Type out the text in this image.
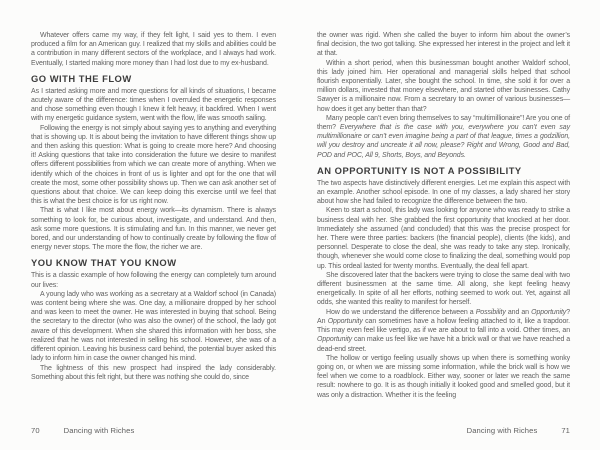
Whatever offers came my way, if they felt light, I said yes to them. I even produced a film for an American guy. I realized that my skills and abilities could be a contribution in many different sectors of the workplace, and I always had work. Eventually, I started making more money than I had lost due to my ex-husband.

GO WITH THE FLOW

As I started asking more and more questions for all kinds of situations, I became acutely aware of the difference: times when I overruled the energetic responses and chose something even though I knew it felt heavy, it backfired. When I went with my energetic guidance system, went with the flow, life was smooth sailing.

Following the energy is not simply about saying yes to anything and everything that is showing up. It is about being the invitation to have different things show up and then asking this question: What is going to create more here? And choosing it! Asking questions that take into consideration the future we desire to manifest offers different possibilities from which we can create more of anything. When we identify which of the choices in front of us is lighter and opt for the one that will create the most, some other possibility shows up. Then we can ask another set of questions about that choice. We can keep doing this exercise until we feel that this is what the best choice is for us right now.

That is what I like most about energy work—its dynamism. There is always something to look for, be curious about, investigate, and understand. And then, ask some more questions. It is stimulating and fun. In this manner, we never get bored, and our understanding of how to continually create by following the flow of energy never stops. The more the flow, the richer we are.

YOU KNOW THAT YOU KNOW

This is a classic example of how following the energy can completely turn around our lives:

A young lady who was working as a secretary at a Waldorf school (in Canada) was content being where she was. One day, a millionaire dropped by her school and was keen to meet the owner. He was interested in buying that school. Being the secretary to the director (who was also the owner) of the school, the lady got aware of this development. When she shared this information with her boss, she realized that he was not interested in selling his school. However, she was of a different opinion. Leaving his business card behind, the potential buyer asked this lady to inform him in case the owner changed his mind.

The lightness of this new prospect had inspired the lady considerably. Something about this felt right, but there was nothing she could do, since

70	Dancing with Riches

the owner was rigid. When she called the buyer to inform him about the owner’s final decision, the two got talking. She expressed her interest in the project and left it at that.

Within a short period, when this businessman bought another Waldorf school, this lady joined him. Her operational and managerial skills helped that school flourish exponentially. Later, she bought the school. In time, she sold it for over a million dollars, invested that money elsewhere, and started other businesses. Cathy Sawyer is a millionaire now. From a secretary to an owner of various businesses—how does it get any better than that?

Many people can’t even bring themselves to say “multimillionaire”! Are you one of them? Everywhere that is the case with you, everywhere you can’t even say multimillionaire or can’t even imagine being a part of that league, times a godzillion, will you destroy and uncreate it all now, please? Right and Wrong, Good and Bad, POD and POC, All 9, Shorts, Boys, and Beyonds.

AN OPPORTUNITY IS NOT A POSSIBILITY

The two aspects have distinctively different energies. Let me explain this aspect with an example. Another school episode. In one of my classes, a lady shared her story about how she had failed to recognize the difference between the two.

Keen to start a school, this lady was looking for anyone who was ready to strike a business deal with her. She grabbed the first opportunity that knocked at her door. Immediately she assumed (and concluded) that this was the precise prospect for her. There were three parties: backers (the financial people), clients (the kids), and personnel. Desperate to close the deal, she was ready to take any step. Ironically, though, whenever she would come close to finalizing the deal, something would pop up. This ordeal lasted for twenty months. Eventually, the deal fell apart.

She discovered later that the backers were trying to close the same deal with two different businessmen at the same time. All along, she kept feeling heavy energetically. In spite of all her efforts, nothing seemed to work out. Yet, against all odds, she wanted this reality to manifest for herself.

How do we understand the difference between a Possibility and an Opportunity? An Opportunity can sometimes have a hollow feeling attached to it, like a trapdoor. This may even feel like vertigo, as if we are about to fall into a void. Other times, an Opportunity can make us feel like we have hit a brick wall or that we have reached a dead-end street.

The hollow or vertigo feeling usually shows up when there is something wonky going on, or when we are missing some information, while the brick wall is how we feel when we come to a roadblock. Either way, sooner or later we reach the same result: nowhere to go. It is as though initially it looked good and smelled good, but it was only a distraction. Whether it is the feeling

Dancing with Riches	71
